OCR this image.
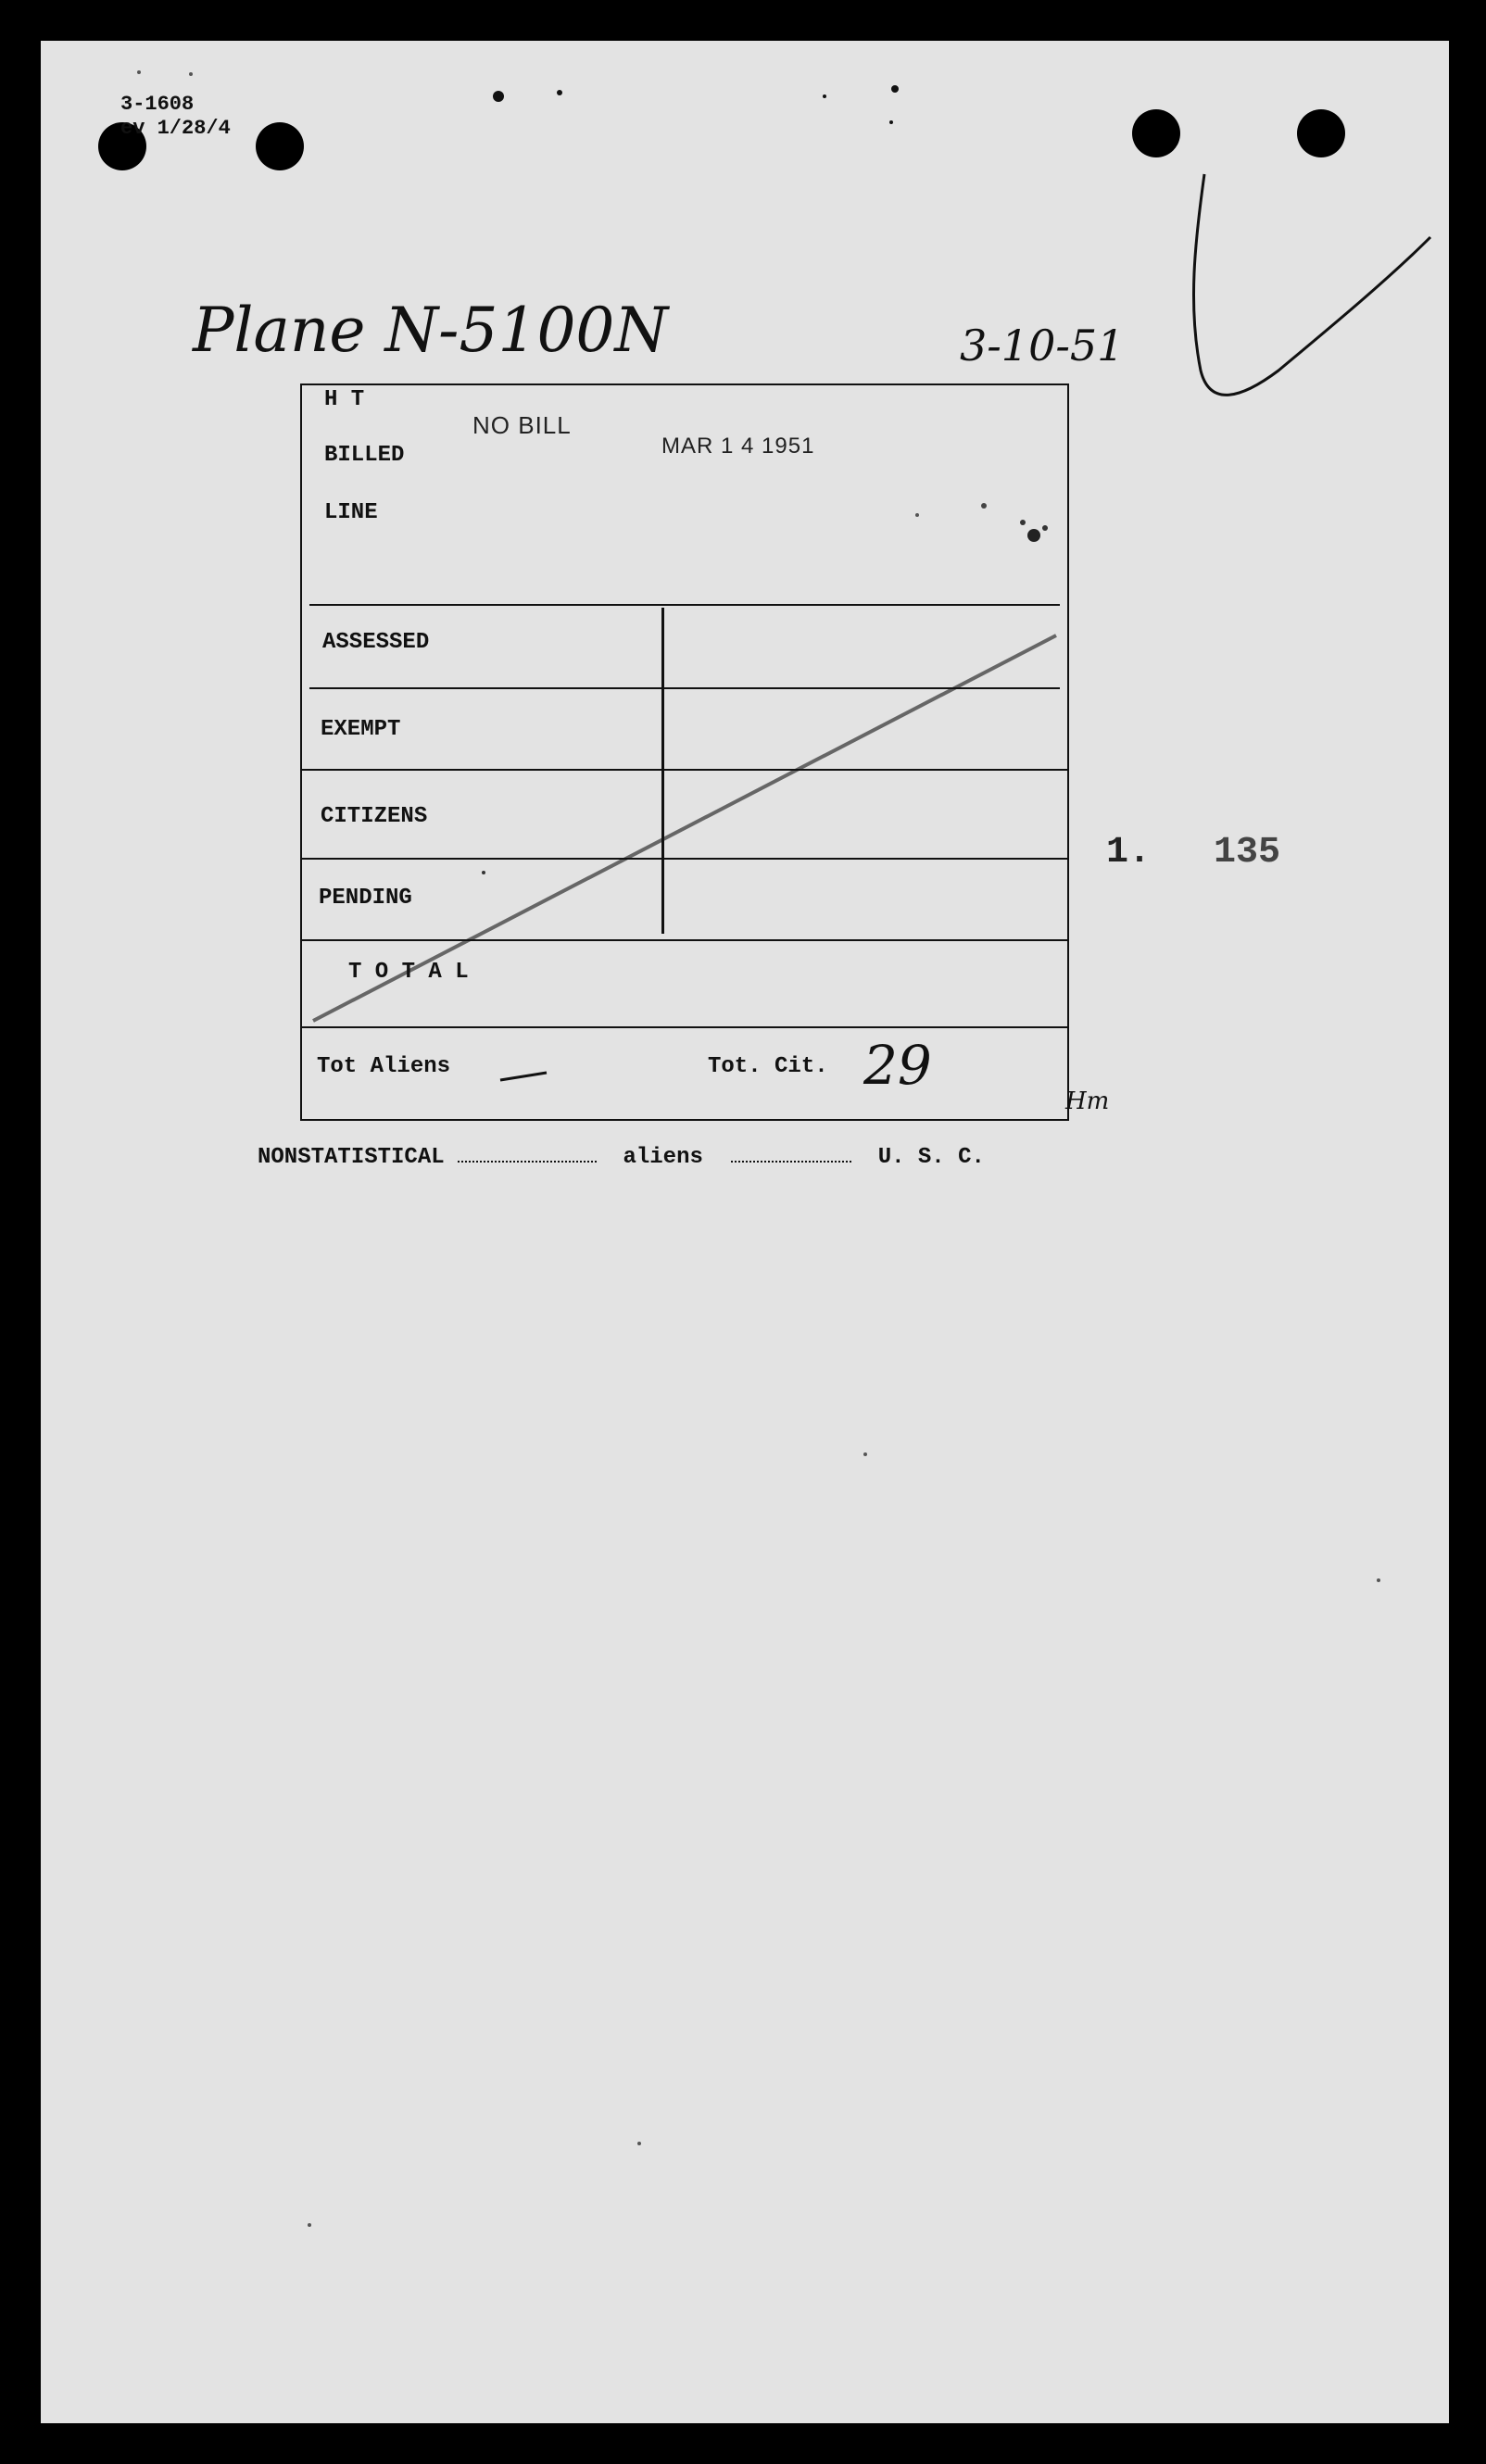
3-1608
ev 1/28/4
Plane N-5100N	3-10-51
H T
BILLED
LINE
NO BILL
MAR 1 4 1951
ASSESSED
EXEMPT
CITIZENS
PENDING
T O T A L
Tot Aliens	Tot. Cit. 29
Hm
1. 135
NONSTATISTICAL	aliens	U. S. C.
